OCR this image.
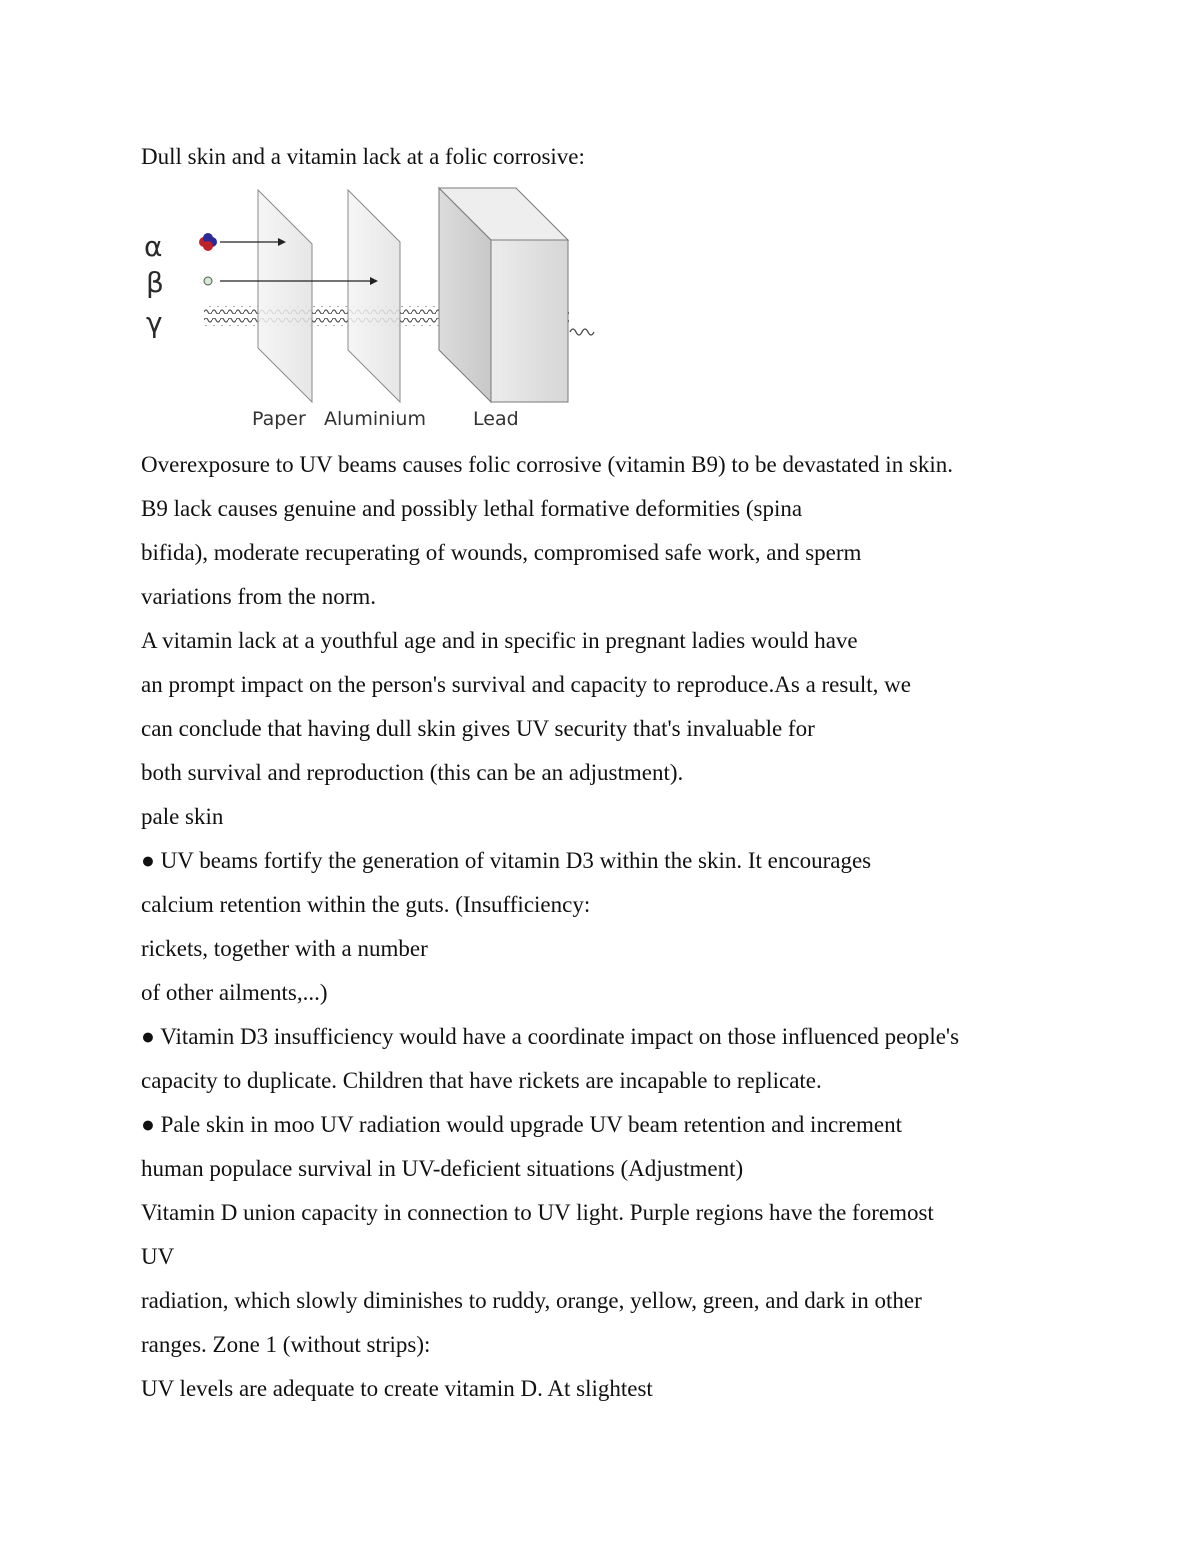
Dull skin and a vitamin lack at a folic corrosive:
α
β
γ
Paper Aluminium Lead
Overexposure to UV beams causes folic corrosive (vitamin B9) to be devastated in skin.
B9 lack causes genuine and possibly lethal formative deformities (spina
bifida), moderate recuperating of wounds, compromised safe work, and sperm
variations from the norm.
A vitamin lack at a youthful age and in specific in pregnant ladies would have
an prompt impact on the person's survival and capacity to reproduce.As a result, we
can conclude that having dull skin gives UV security that's invaluable for
both survival and reproduction (this can be an adjustment).
pale skin
● UV beams fortify the generation of vitamin D3 within the skin. It encourages
calcium retention within the guts. (Insufficiency:
rickets, together with a number
of other ailments,...)
● Vitamin D3 insufficiency would have a coordinate impact on those influenced people's
capacity to duplicate. Children that have rickets are incapable to replicate.
● Pale skin in moo UV radiation would upgrade UV beam retention and increment
human populace survival in UV-deficient situations (Adjustment)
Vitamin D union capacity in connection to UV light. Purple regions have the foremost
UV
radiation, which slowly diminishes to ruddy, orange, yellow, green, and dark in other
ranges. Zone 1 (without strips):
UV levels are adequate to create vitamin D. At slightest
